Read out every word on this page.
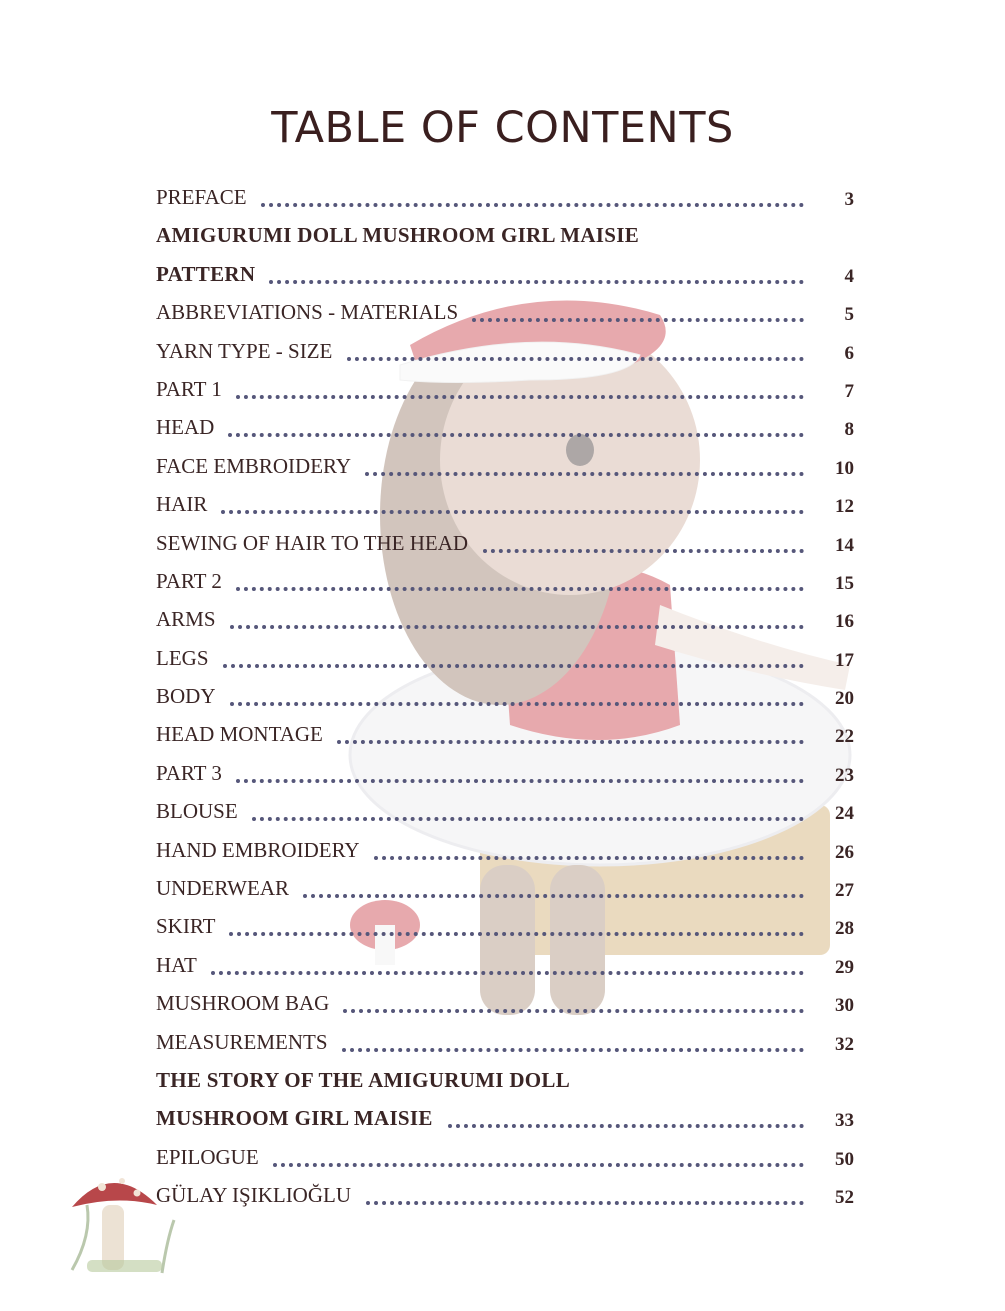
TABLE OF CONTENTS
PREFACE	3
AMIGURUMI DOLL MUSHROOM GIRL MAISIE
PATTERN	4
ABBREVIATIONS - MATERIALS	5
YARN TYPE - SIZE	6
PART 1	7
HEAD	8
FACE EMBROIDERY	10
HAIR	12
SEWING OF HAIR TO THE HEAD	14
PART 2	15
ARMS	16
LEGS	17
BODY	20
HEAD MONTAGE	22
PART 3	23
BLOUSE	24
HAND EMBROIDERY	26
UNDERWEAR	27
SKIRT	28
HAT	29
MUSHROOM BAG	30
MEASUREMENTS	32
THE STORY OF THE AMIGURUMI DOLL
MUSHROOM GIRL MAISIE	33
EPILOGUE	50
GÜLAY IŞIKLIOĞLU	52
